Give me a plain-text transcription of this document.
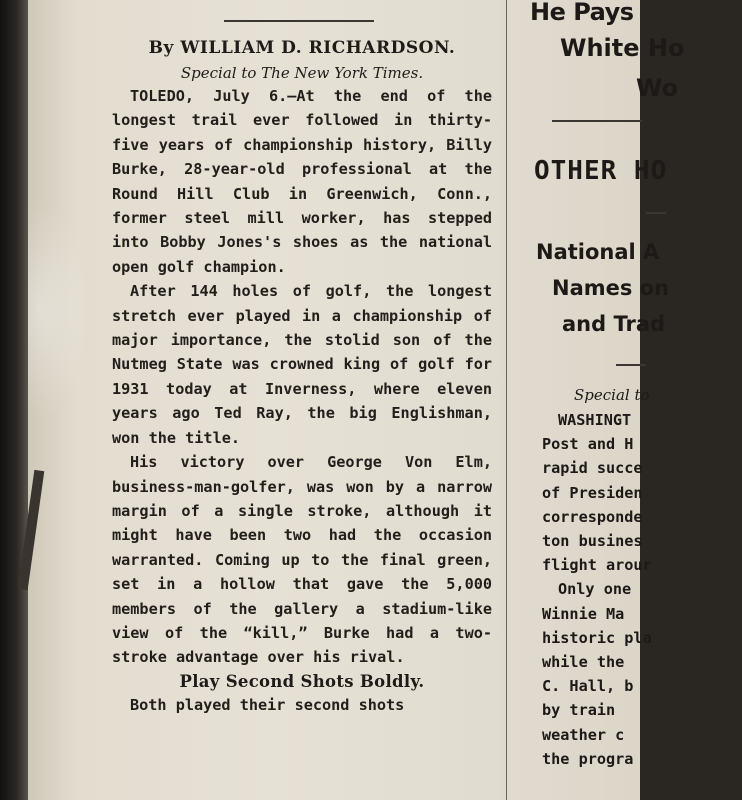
By WILLIAM D. RICHARDSON.
Special to The New York Times.

TOLEDO, July 6.—At the end of the longest trail ever followed in thirty-five years of championship history, Billy Burke, 28-year-old professional at the Round Hill Club in Greenwich, Conn., former steel mill worker, has stepped into Bobby Jones's shoes as the national open golf champion.

After 144 holes of golf, the longest stretch ever played in a championship of major importance, the stolid son of the Nutmeg State was crowned king of golf for 1931 today at Inverness, where eleven years ago Ted Ray, the big Englishman, won the title.

His victory over George Von Elm, business-man-golfer, was won by a narrow margin of a single stroke, although it might have been two had the occasion warranted. Coming up to the final green, set in a hollow that gave the 5,000 members of the gallery a stadium-like view of the “kill,” Burke had a two-stroke advantage over his rival.

Play Second Shots Boldly.

Both played their second shots

He Pays
White Ho
Wo
OTHER HO
National A
Names on
and Trad
Special to
WASHINGT
Post and H
rapid succe
of Presiden
corresponde
ton busines
flight arour
Only one
Winnie Ma
historic pla
while the
C. Hall, b
by train
weather c
the progra
